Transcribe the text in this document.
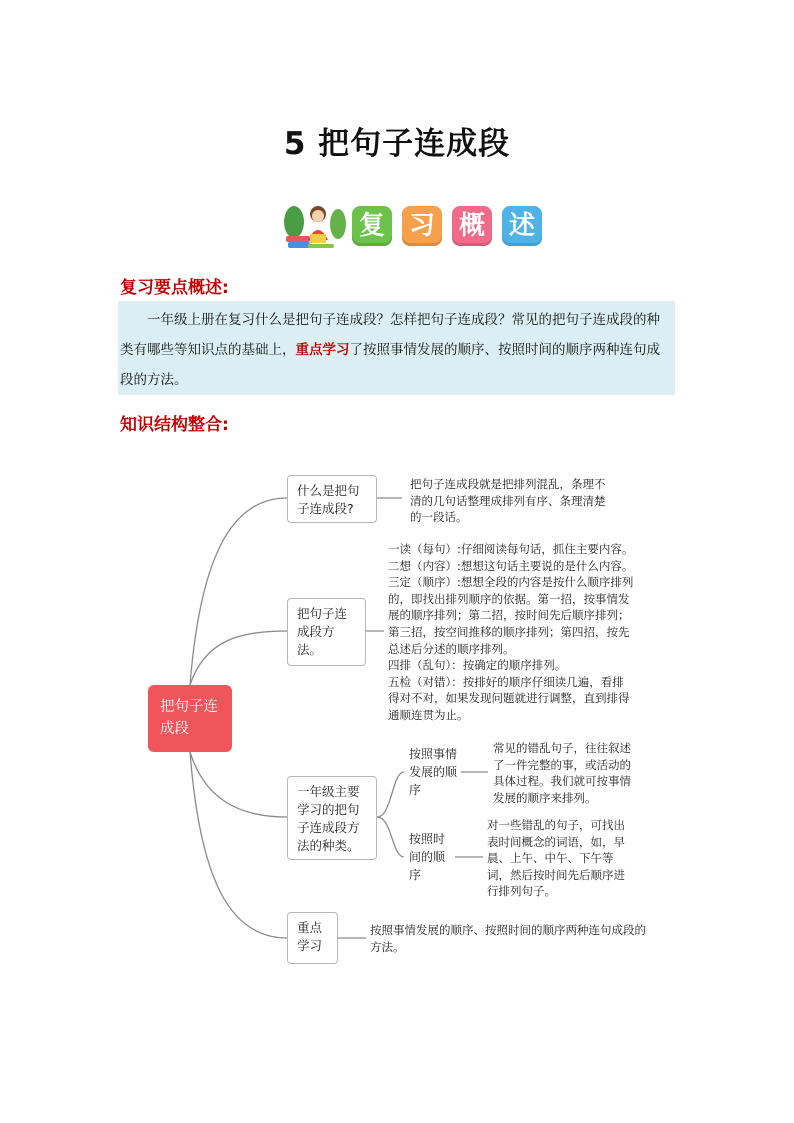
5 把句子连成段
复 习 概 述
复习要点概述:
一年级上册在复习什么是把句子连成段？怎样把句子连成段？常见的把句子连成段的种类有哪些等知识点的基础上，重点学习了按照事情发展的顺序、按照时间的顺序两种连句成段的方法。
知识结构整合:
把句子连成段
什么是把句子连成段?
把句子连成段就是把排列混乱，条理不
清的几句话整理成排列有序、条理清楚
的一段话。
把句子连成段方法。
一读（每句）:仔细阅读每句话，抓住主要内容。
二想（内容）:想想这句话主要说的是什么内容。
三定（顺序）:想想全段的内容是按什么顺序排列
的，即找出排列顺序的依据。第一招，按事情发
展的顺序排列；第二招，按时间先后顺序排列；
第三招，按空间推移的顺序排列；第四招，按先
总述后分述的顺序排列。
四排（乱句）：按确定的顺序排列。
五检（对错）：按排好的顺序仔细读几遍，看排
得对不对，如果发现问题就进行调整，直到排得
通顺连贯为止。
一年级主要学习的把句子连成段方法的种类。
按照事情发展的顺序
常见的错乱句子，往往叙述
了一件完整的事，或活动的
具体过程。我们就可按事情
发展的顺序来排列。
按照时间的顺序
对一些错乱的句子，可找出
表时间概念的词语，如，早
晨、上午、中午、下午等
词，然后按时间先后顺序进
行排列句子。
重点学习
按照事情发展的顺序、按照时间的顺序两种连句成段的
方法。
